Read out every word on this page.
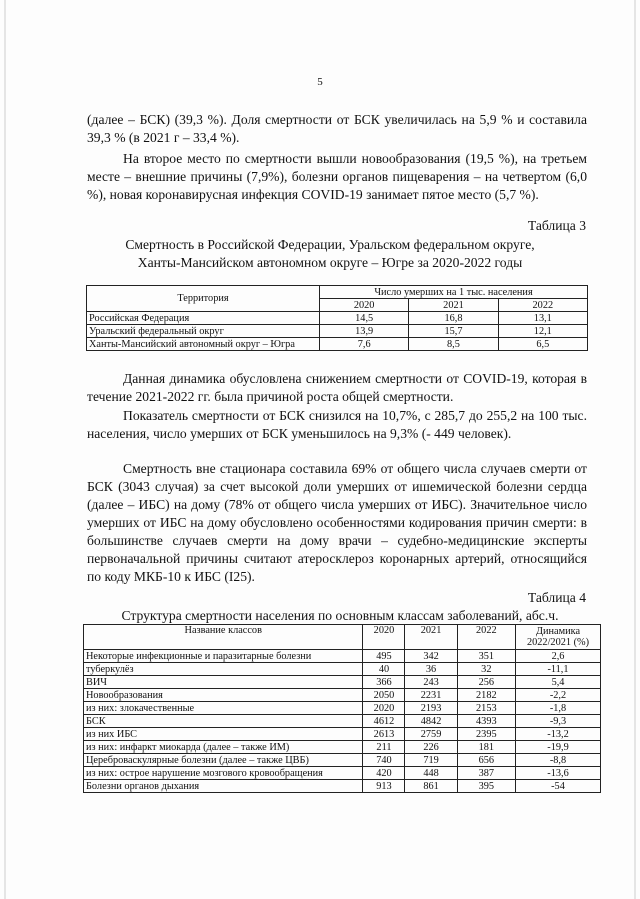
5

(далее – БСК) (39,3 %). Доля смертности от БСК увеличилась на 5,9 % и составила 39,3 % (в 2021 г – 33,4 %).

На второе место по смертности вышли новообразования (19,5 %), на третьем месте – внешние причины (7,9%), болезни органов пищеварения – на четвертом (6,0 %), новая коронавирусная инфекция COVID-19 занимает пятое место (5,7 %).

Таблица 3
Смертность в Российской Федерации, Уральском федеральном округе,
Ханты-Мансийском автономном округе – Югре за 2020-2022 годы
Территория	Число умерших на 1 тыс. населения		
	2020	2021	2022
Российская Федерация	14,5	16,8	13,1
Уральский федеральный округ	13,9	15,7	12,1
Ханты-Мансийский автономный округ – Югра	7,6	8,5	6,5

Данная динамика обусловлена снижением смертности от COVID-19, которая в течение 2021-2022 гг. была причиной роста общей смертности.

Показатель смертности от БСК снизился на 10,7%, с 285,7 до 255,2 на 100 тыс. населения, число умерших от БСК уменьшилось на 9,3% (- 449 человек).

Смертность вне стационара составила 69% от общего числа случаев смерти от БСК (3043 случая) за счет высокой доли умерших от ишемической болезни сердца (далее – ИБС) на дому (78% от общего числа умерших от ИБС). Значительное число умерших от ИБС на дому обусловлено особенностями кодирования причин смерти: в большинстве случаев смерти на дому врачи – судебно-медицинские эксперты первоначальной причины считают атеросклероз коронарных артерий, относящийся по коду МКБ-10 к ИБС (I25).

Таблица 4
Структура смертности населения по основным классам заболеваний, абс.ч.
Название классов	2020	2021	2022	Динамика 2022/2021 (%)
Некоторые инфекционные и паразитарные болезни	495	342	351	2,6
туберкулёз	40	36	32	-11,1
ВИЧ	366	243	256	5,4
Новообразования	2050	2231	2182	-2,2
из них: злокачественные	2020	2193	2153	-1,8
БСК	4612	4842	4393	-9,3
из них ИБС	2613	2759	2395	-13,2
из них: инфаркт миокарда (далее – также ИМ)	211	226	181	-19,9
Цереброваскулярные болезни (далее – также ЦВБ)	740	719	656	-8,8
из них: острое нарушение мозгового кровообращения	420	448	387	-13,6
Болезни органов дыхания	913	861	395	-54
